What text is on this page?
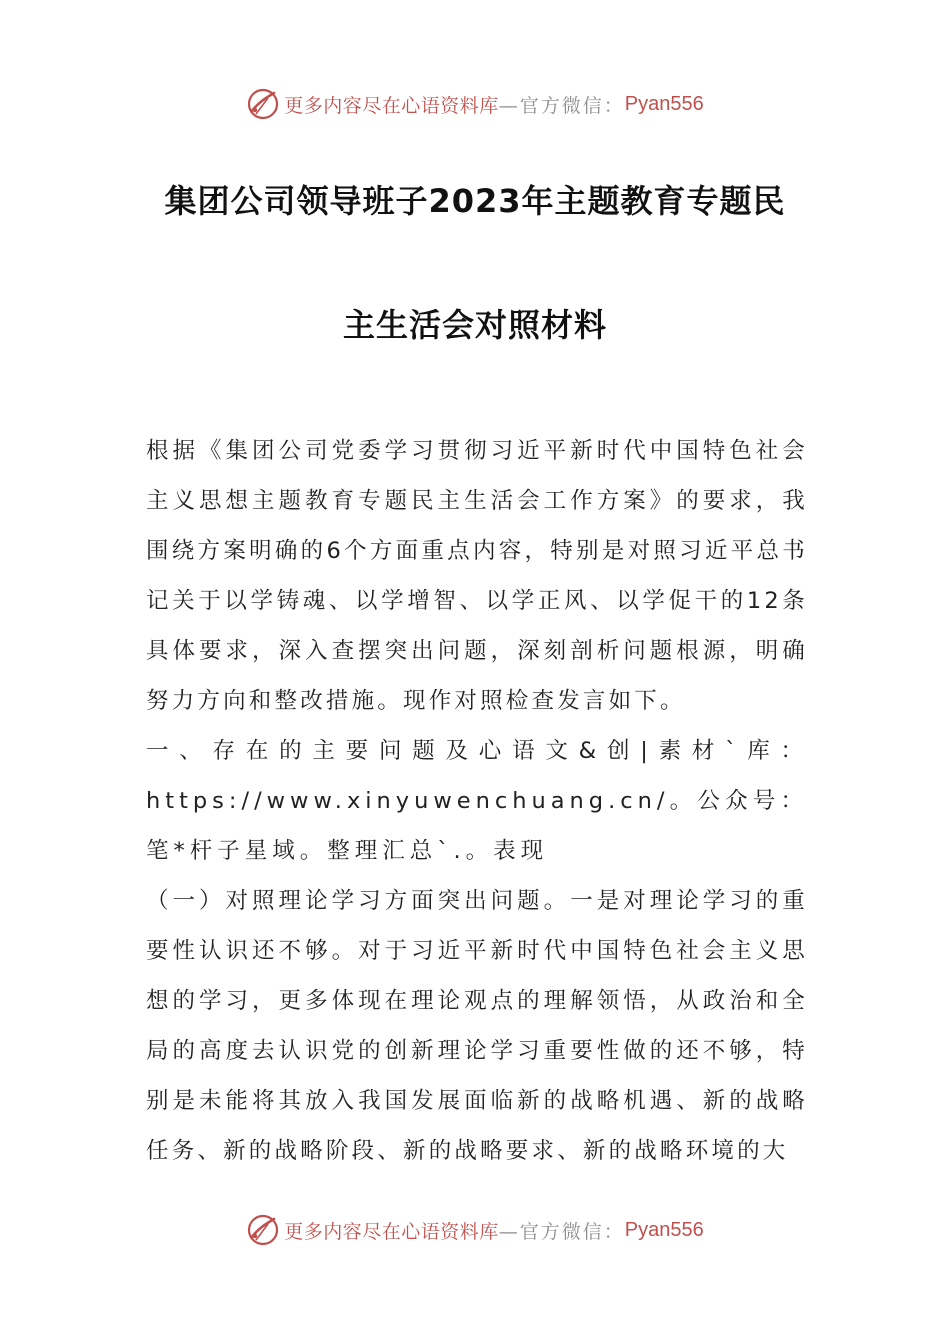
更多内容尽在心语资料库 —官方微信： Pyan556
集团公司领导班子2023年主题教育专题民
主生活会对照材料

根据《集团公司党委学习贯彻习近平新时代中国特色社会主义思想主题教育专题民主生活会工作方案》的要求，我围绕方案明确的6个方面重点内容，特别是对照习近平总书记关于以学铸魂、以学增智、以学正风、以学促干的12条具体要求，深入查摆突出问题，深刻剖析问题根源，明确努力方向和整改措施。现作对照检查发言如下。

一、存在的主要问题及心语文&创|素材`库：https://www.xinyuwenchuang.cn/。公众号：笔*杆子星域。整理汇总`.。表现

（一）对照理论学习方面突出问题。一是对理论学习的重要性认识还不够。对于习近平新时代中国特色社会主义思想的学习，更多体现在理论观点的理解领悟，从政治和全局的高度去认识党的创新理论学习重要性做的还不够，特别是未能将其放入我国发展面临新的战略机遇、新的战略任务、新的战略阶段、新的战略要求、新的战略环境的大

更多内容尽在心语资料库 —官方微信： Pyan556
